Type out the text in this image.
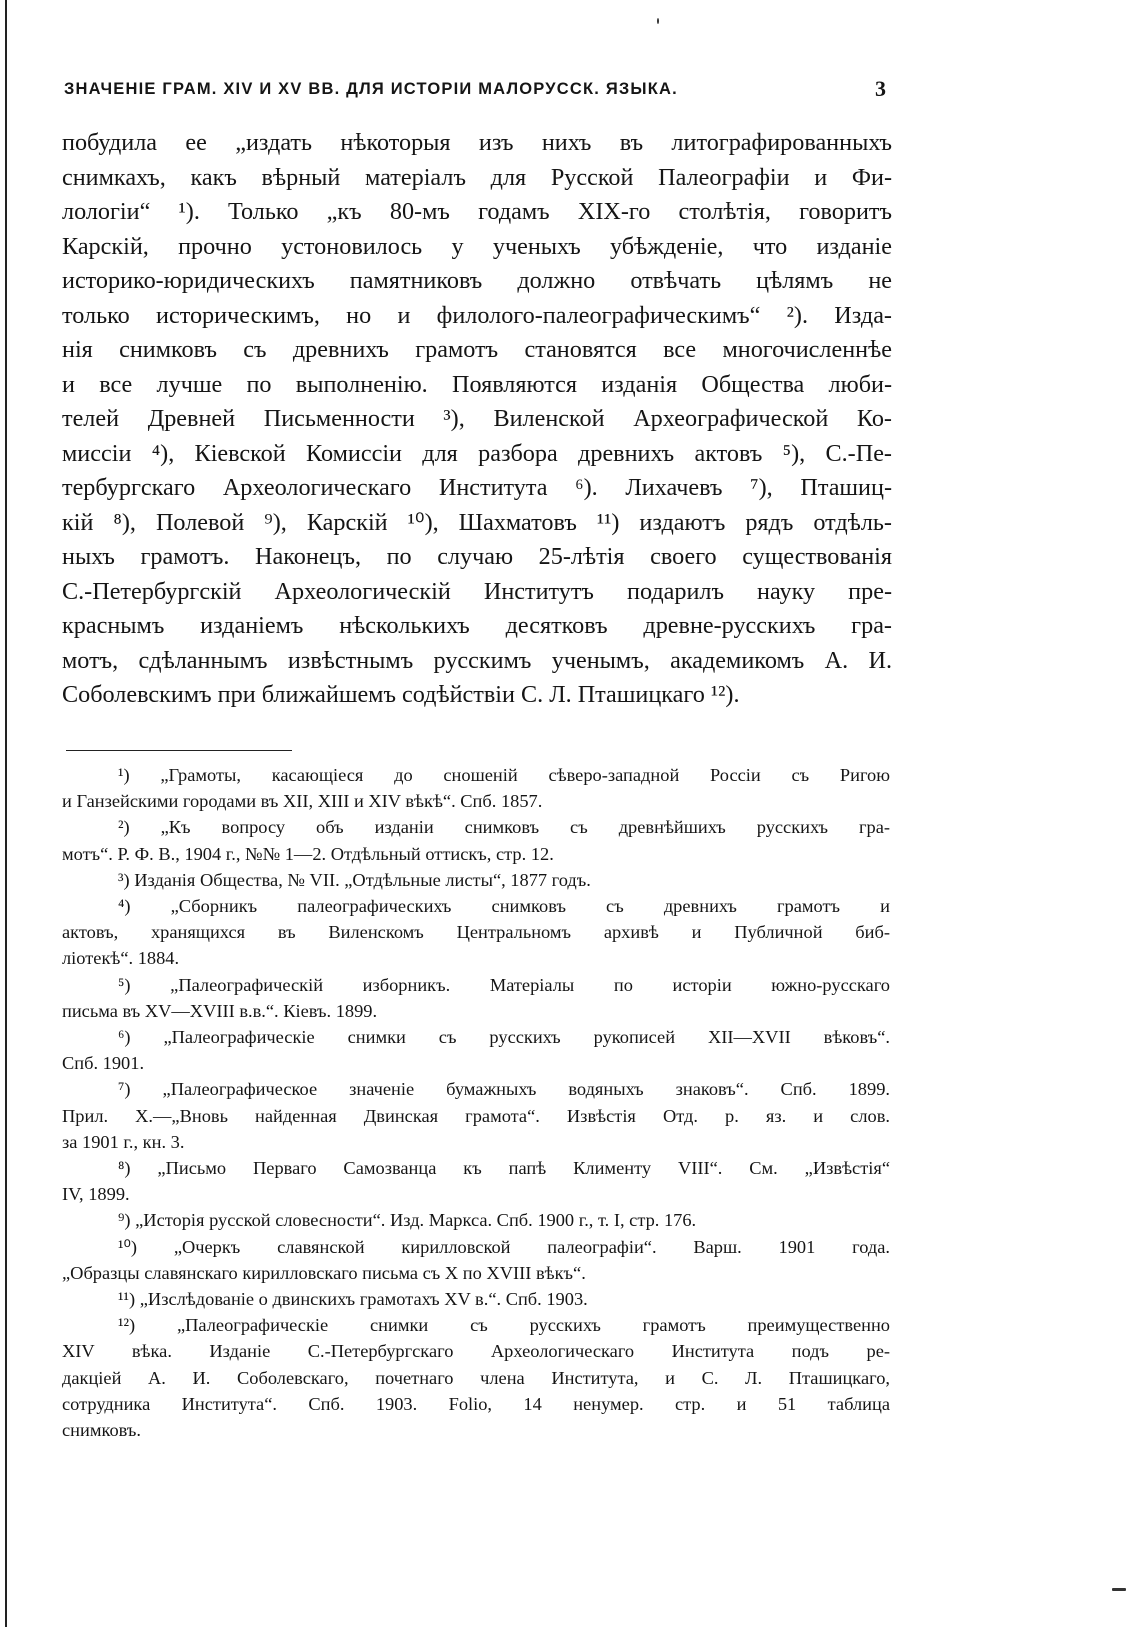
ЗНАЧЕНІЕ ГРАМ. XIV И XV ВВ. ДЛЯ ИСТОРІИ МАЛОРУССК. ЯЗЫКА.	3
побудила ее „издать нѣкоторыя изъ нихъ въ литографированныхъ
снимкахъ, какъ вѣрный матеріалъ для Русской Палеографіи и Фи-
лологіи“ ¹). Только „къ 80-мъ годамъ XIX-го столѣтія, говоритъ
Карскій, прочно устоновилось у ученыхъ убѣжденіе, что изданіе
историко-юридическихъ памятниковъ должно отвѣчать цѣлямъ не
только историческимъ, но и филолого-палеографическимъ“ ²). Изда-
нія снимковъ съ древнихъ грамотъ становятся все многочисленнѣе
и все лучше по выполненію. Появляются изданія Общества люби-
телей Древней Письменности ³), Виленской Археографической Ко-
миссіи ⁴), Кіевской Комиссіи для разбора древнихъ актовъ ⁵), С.-Пе-
тербургскаго Археологическаго Института ⁶). Лихачевъ ⁷), Пташиц-
кій ⁸), Полевой ⁹), Карскій ¹⁰), Шахматовъ ¹¹) издаютъ рядъ отдѣль-
ныхъ грамотъ. Наконецъ, по случаю 25-лѣтія своего существованія
С.-Петербургскій Археологическій Институтъ подарилъ науку пре-
краснымъ изданіемъ нѣсколькихъ десятковъ древне-русскихъ гра-
мотъ, сдѣланнымъ извѣстнымъ русскимъ ученымъ, академикомъ А. И.
Соболевскимъ при ближайшемъ содѣйствіи С. Л. Пташицкаго ¹²).
¹) „Грамоты, касающіеся до сношеній сѣверо-западной Россіи съ Ригою
и Ганзейскими городами въ XII, XIII и XIV вѣкѣ“. Спб. 1857.
²) „Къ вопросу объ изданіи снимковъ съ древнѣйшихъ русскихъ гра-
мотъ“. Р. Ф. В., 1904 г., №№ 1—2. Отдѣльный оттискъ, стр. 12.
³) Изданія Общества, № VII. „Отдѣльные листы“, 1877 годъ.
⁴) „Сборникъ палеографическихъ снимковъ съ древнихъ грамотъ и
актовъ, хранящихся въ Виленскомъ Центральномъ архивѣ и Публичной биб-
ліотекѣ“. 1884.
⁵) „Палеографическій изборникъ. Матеріалы по исторіи южно-русскаго
письма въ XV—XVIII в.в.“. Кіевъ. 1899.
⁶) „Палеографическіе снимки съ русскихъ рукописей XII—XVII вѣковъ“.
Спб. 1901.
⁷) „Палеографическое значеніе бумажныхъ водяныхъ знаковъ“. Спб. 1899.
Прил. X.—„Вновь найденная Двинская грамота“. Извѣстія Отд. р. яз. и слов.
за 1901 г., кн. 3.
⁸) „Письмо Перваго Самозванца къ папѣ Клименту VIII“. См. „Извѣстія“
IV, 1899.
⁹) „Исторія русской словесности“. Изд. Маркса. Спб. 1900 г., т. I, стр. 176.
¹⁰) „Очеркъ славянской кирилловской палеографіи“. Варш. 1901 года.
„Образцы славянскаго кирилловскаго письма съ X по XVIII вѣкъ“.
¹¹) „Изслѣдованіе о двинскихъ грамотахъ XV в.“. Спб. 1903.
¹²) „Палеографическіе снимки съ русскихъ грамотъ преимущественно
XIV вѣка. Изданіе С.-Петербургскаго Археологическаго Института подъ ре-
дакціей А. И. Соболевскаго, почетнаго члена Института, и С. Л. Пташицкаго,
сотрудника Института“. Спб. 1903. Folio, 14 ненумер. стр. и 51 таблица
снимковъ.
